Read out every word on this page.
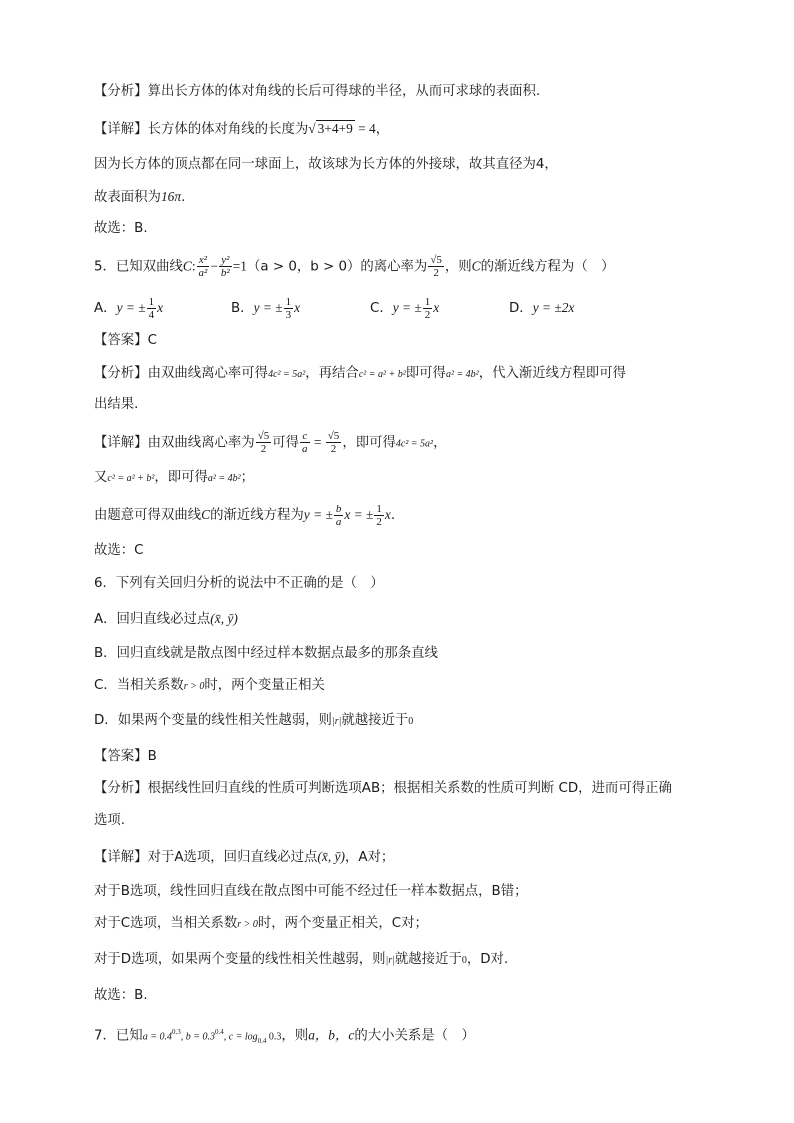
【分析】算出长方体的体对角线的长后可得球的半径，从而可求球的表面积.
【详解】长方体的体对角线的长度为√ 3+4+9 = 4，
因为长方体的顶点都在同一球面上，故该球为长方体的外接球，故其直径为4，
故表面积为16π.
故选：B.
5．已知双曲线C: $\frac{\text{x²}}{\text{a²}} - \frac{\text{y²}}{\text{b²}} =1(a > 0$，b > 0）的离心率为 $\frac{√5}{2}$ ，则C的渐近线方程为（　）
A．y = ± $\frac{1}{4}$ x	B．y = ± $\frac{1}{3}$ x	C．y = ± $\frac{1}{2}$ x	D．y = ±2x
【答案】C
【分析】由双曲线离心率可得4c² = 5a²，再结合c² = a² + b²即可得a² = 4b²，代入渐近线方程即可得
出结果.
【详解】由双曲线离心率为 $\frac{√5}{2}$ 可得 $\frac{c}{a} = \frac{√5}{2}$ ，即可得4c² = 5a²，
又c² = a² + b²，即可得a² = 4b²；
由题意可得双曲线C的渐近线方程为y = ± $\frac{b}{a}$ x = ± $\frac{1}{2} x$.
故选：C
6．下列有关回归分析的说法中不正确的是（　）
A．回归直线必过点(x̄, ȳ)
B．回归直线就是散点图中经过样本数据点最多的那条直线
C．当相关系数r > 0时，两个变量正相关
D．如果两个变量的线性相关性越弱，则|r|就越接近于0
【答案】B
【分析】根据线性回归直线的性质可判断选项AB；根据相关系数的性质可判断 CD，进而可得正确
选项.
【详解】对于A选项，回归直线必过点(x̄, ȳ)，A对；
对于B选项，线性回归直线在散点图中可能不经过任一样本数据点，B错；
对于C选项，当相关系数r > 0时，两个变量正相关，C对；
对于D选项，如果两个变量的线性相关性越弱，则|r|就越接近于0，D对.
故选：B.
7．已知$a = 0.4^{0.3}$, $b = 0.3^{0.4}$, $c = \log_{0.4} 0.3$，则a，b，c的大小关系是（　）
